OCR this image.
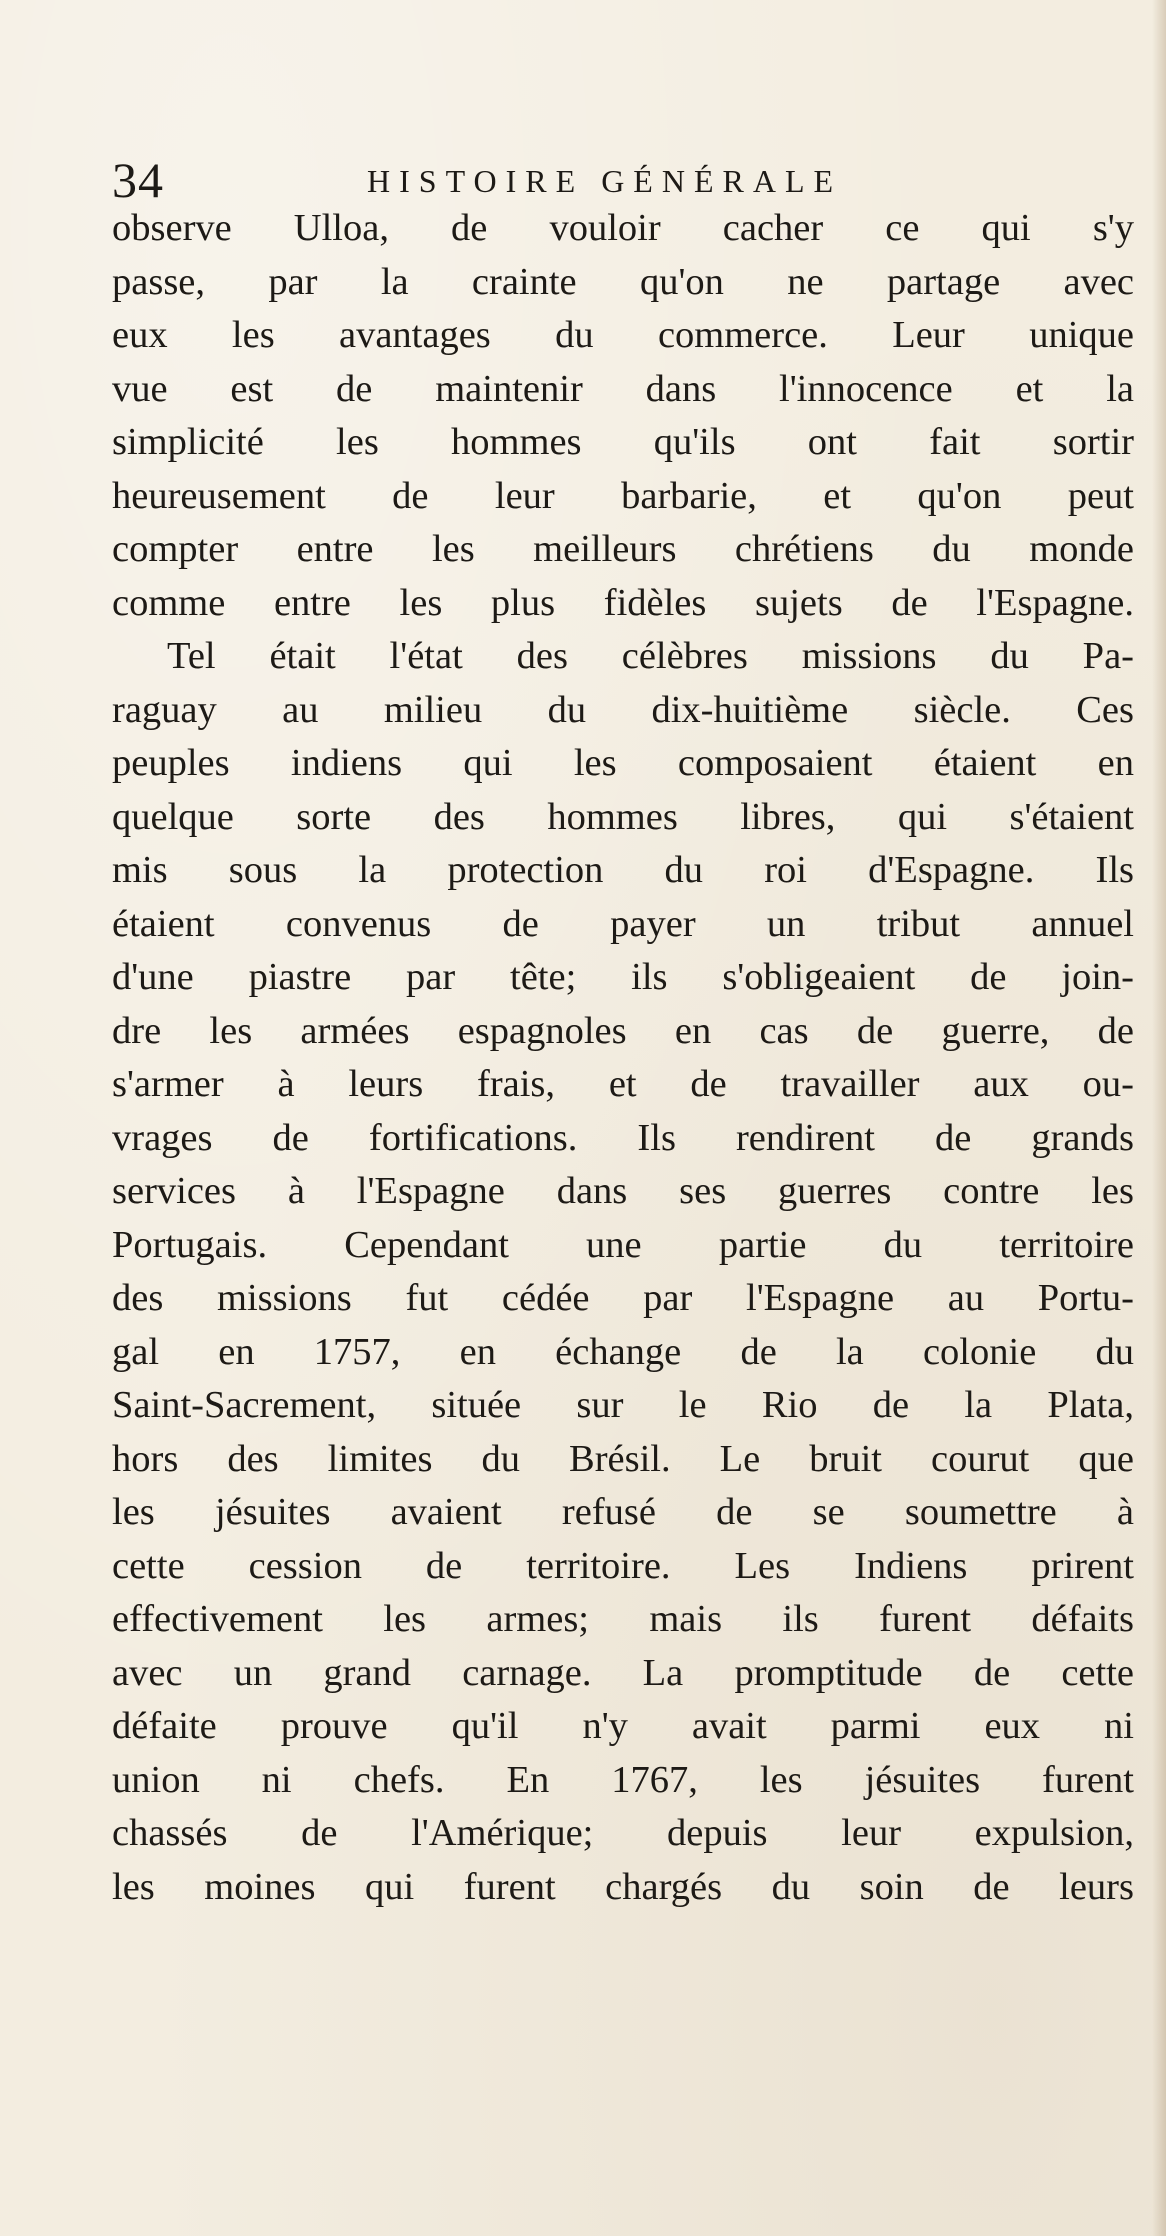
34	HISTOIRE GÉNÉRALE
observe Ulloa, de vouloir cacher ce qui s'y
passe, par la crainte qu'on ne partage avec
eux les avantages du commerce. Leur unique
vue est de maintenir dans l'innocence et la
simplicité les hommes qu'ils ont fait sortir
heureusement de leur barbarie, et qu'on peut
compter entre les meilleurs chrétiens du monde
comme entre les plus fidèles sujets de l'Espagne.
Tel était l'état des célèbres missions du Pa-
raguay au milieu du dix-huitième siècle. Ces
peuples indiens qui les composaient étaient en
quelque sorte des hommes libres, qui s'étaient
mis sous la protection du roi d'Espagne. Ils
étaient convenus de payer un tribut annuel
d'une piastre par tête; ils s'obligeaient de join-
dre les armées espagnoles en cas de guerre, de
s'armer à leurs frais, et de travailler aux ou-
vrages de fortifications. Ils rendirent de grands
services à l'Espagne dans ses guerres contre les
Portugais. Cependant une partie du territoire
des missions fut cédée par l'Espagne au Portu-
gal en 1757, en échange de la colonie du
Saint-Sacrement, située sur le Rio de la Plata,
hors des limites du Brésil. Le bruit courut que
les jésuites avaient refusé de se soumettre à
cette cession de territoire. Les Indiens prirent
effectivement les armes; mais ils furent défaits
avec un grand carnage. La promptitude de cette
défaite prouve qu'il n'y avait parmi eux ni
union ni chefs. En 1767, les jésuites furent
chassés de l'Amérique; depuis leur expulsion,
les moines qui furent chargés du soin de leurs
